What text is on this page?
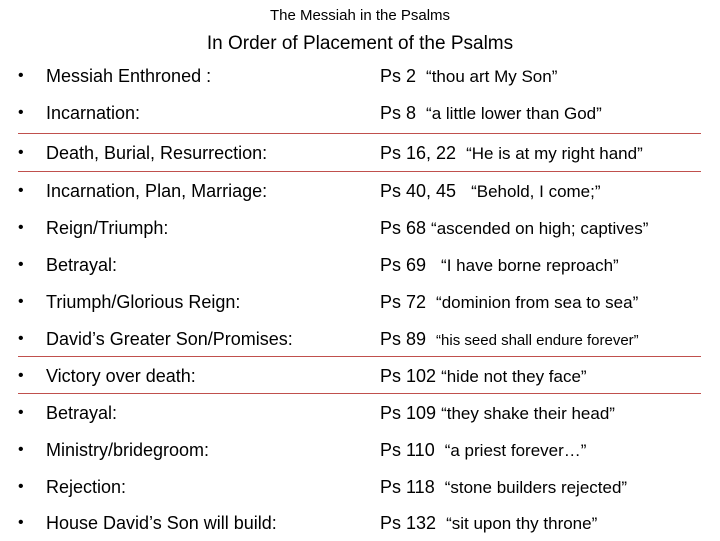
The Messiah in the Psalms
In Order of Placement of the Psalms
• Messiah Enthroned :	Ps 2 “thou art My Son”
• Incarnation:	Ps 8 “a little lower than God”
• Death, Burial, Resurrection:	Ps 16, 22 “He is at my right hand”
• Incarnation, Plan, Marriage:	Ps 40, 45 “Behold, I come;”
• Reign/Triumph:	Ps 68 “ascended on high; captives”
• Betrayal:	Ps 69 “I have borne reproach”
• Triumph/Glorious Reign:	Ps 72 “dominion from sea to sea”
• David’s Greater Son/Promises:	Ps 89 “his seed shall endure forever”
• Victory over death:	Ps 102 “hide not they face”
• Betrayal:	Ps 109 “they shake their head”
• Ministry/bridegroom:	Ps 110 “a priest forever…”
• Rejection:	Ps 118 “stone builders rejected”
• House David’s Son will build:	Ps 132 “sit upon thy throne”
